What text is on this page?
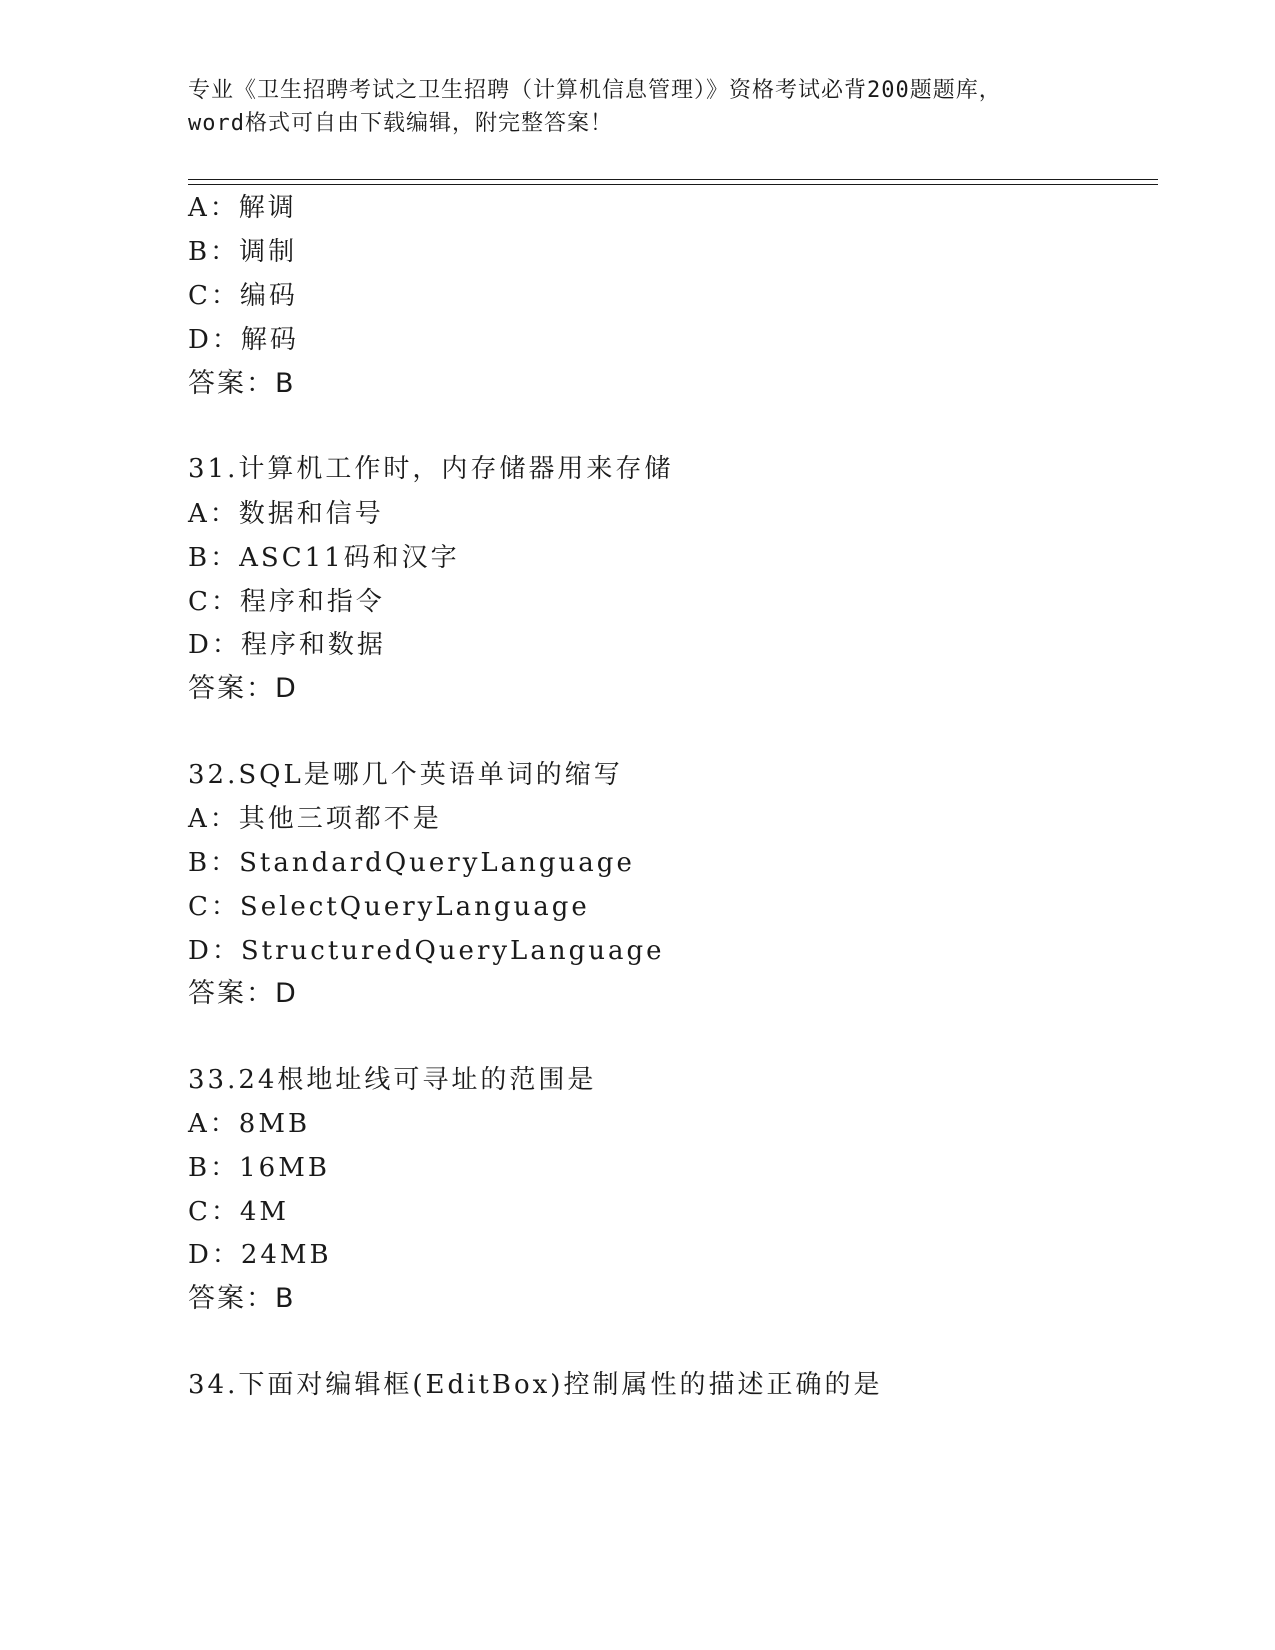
专业《卫生招聘考试之卫生招聘（计算机信息管理）》资格考试必背200题题库，
word格式可自由下载编辑，附完整答案！
A：解调
B：调制
C：编码
D：解码
答案：B
31.计算机工作时，内存储器用来存储
A：数据和信号
B：ASC11码和汉字
C：程序和指令
D：程序和数据
答案：D
32.SQL是哪几个英语单词的缩写
A：其他三项都不是
B：StandardQueryLanguage
C：SelectQueryLanguage
D：StructuredQueryLanguage
答案：D
33.24根地址线可寻址的范围是
A：8MB
B：16MB
C：4M
D：24MB
答案：B
34.下面对编辑框(EditBox)控制属性的描述正确的是
